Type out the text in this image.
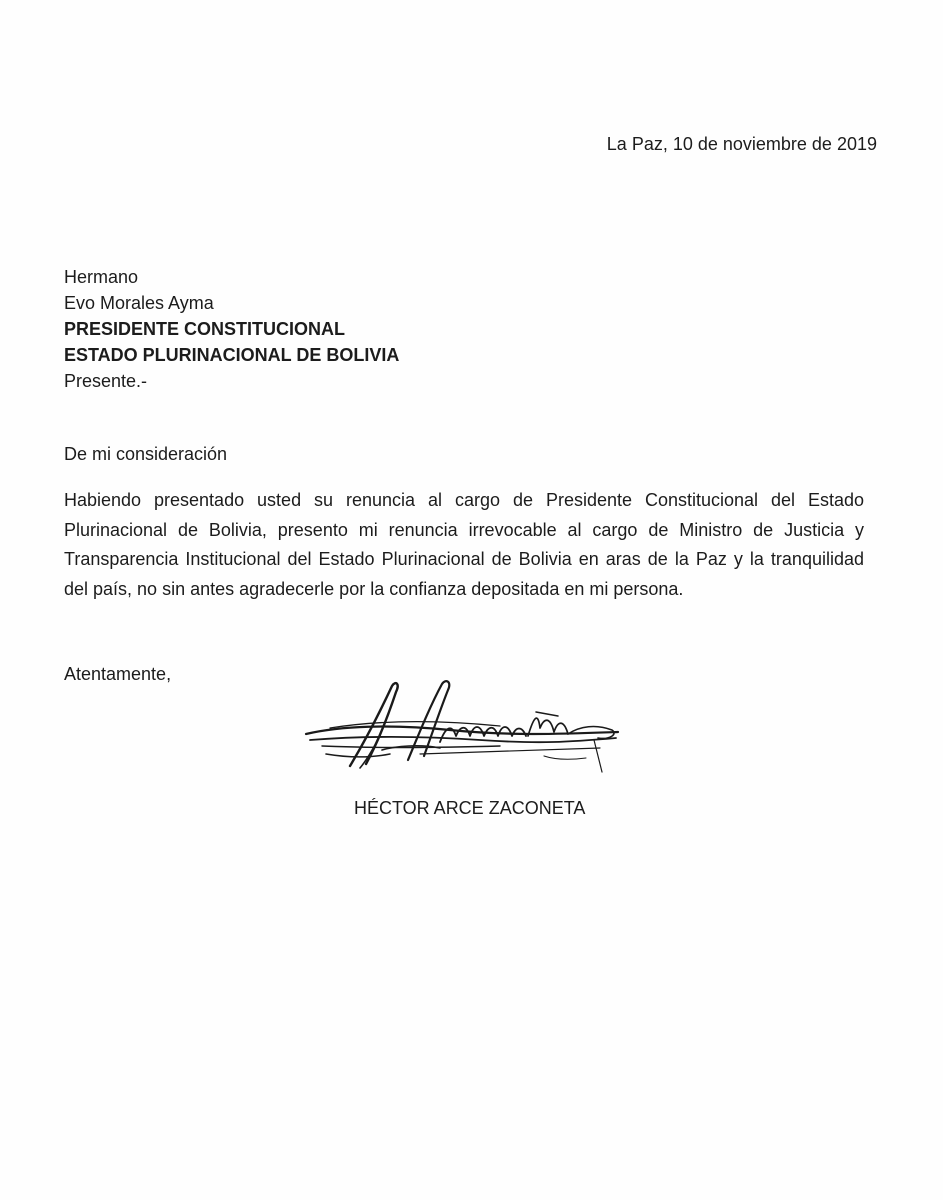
La Paz, 10 de noviembre de 2019
Hermano
Evo Morales Ayma
PRESIDENTE CONSTITUCIONAL
ESTADO PLURINACIONAL DE BOLIVIA
Presente.-
De mi consideración
Habiendo presentado usted su renuncia al cargo de Presidente Constitucional del Estado Plurinacional de Bolivia, presento mi renuncia irrevocable al cargo de Ministro de Justicia y Transparencia Institucional del Estado Plurinacional de Bolivia en aras de la Paz y la tranquilidad del país, no sin antes agradecerle por la confianza depositada en mi persona.
Atentamente,
HÉCTOR ARCE ZACONETA
